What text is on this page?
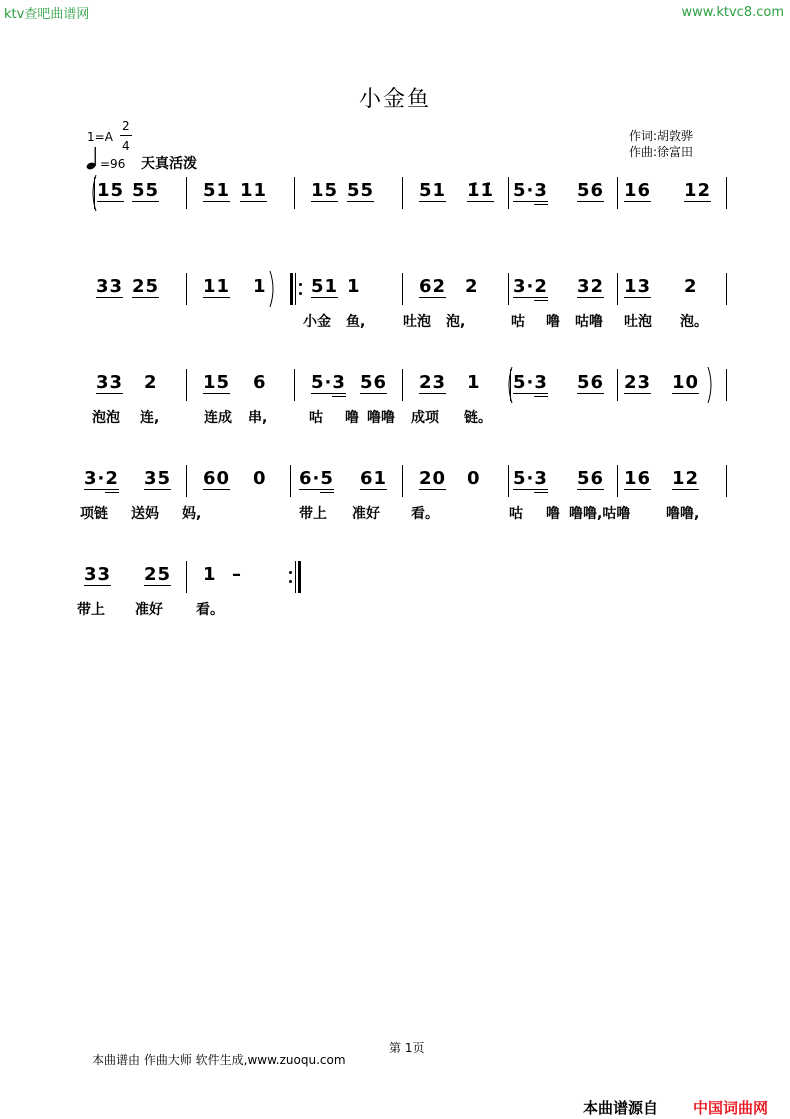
ktv查吧曲谱网	www.ktvc8.com
小金鱼
1=A
2
4
=96 天真活泼
作词:胡敦骅
作曲:徐富田
15 55 51 11 15 55 51 1̇1̇ 5·3 56 16 12
33 25 11 1 51 1	62 2 3·2 32 13 2
小金 鱼,	吐泡 泡,	咕 噜 咕噜 吐泡 泡。
33 2	15 6 5·3 56 23 1 5·3 56 23 10
泡泡 连,	连成 串,	咕 噜 噜噜 成项 链。
3·2 35 60 0 6·5 61 20 0 5·3 56 16 12
项链 送妈 妈,	带上 准好 看。	咕 噜 噜噜,咕噜	噜噜,
33 25 1 –
带上 准好 看。
第 1页
本曲谱由 作曲大师 软件生成,www.zuoqu.com
本曲谱源自 中国词曲网
